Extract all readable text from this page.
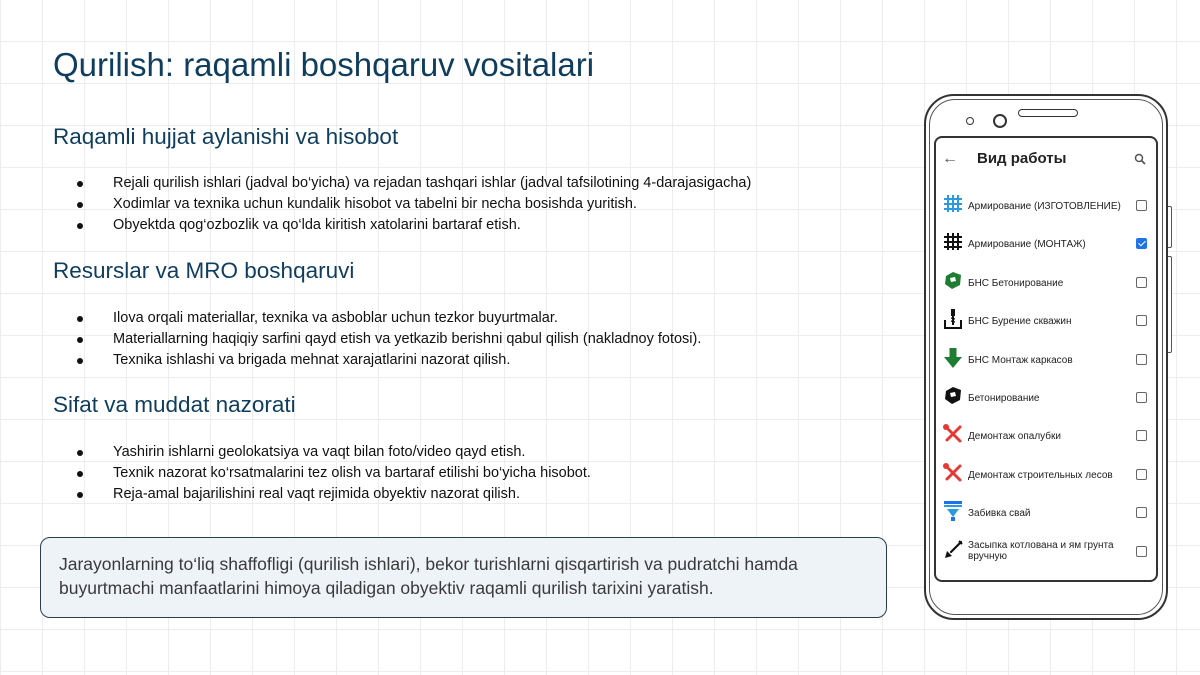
Qurilish: raqamli boshqaruv vositalari
Raqamli hujjat aylanishi va hisobot
Rejali qurilish ishlari (jadval bo‘yicha) va rejadan tashqari ishlar (jadval tafsilotining 4-darajasigacha)
Xodimlar va texnika uchun kundalik hisobot va tabelni bir necha bosishda yuritish.
Obyektda qog‘ozbozlik va qo‘lda kiritish xatolarini bartaraf etish.
Resurslar va MRO boshqaruvi
Ilova orqali materiallar, texnika va asboblar uchun tezkor buyurtmalar.
Materiallarning haqiqiy sarfini qayd etish va yetkazib berishni qabul qilish (nakladnoy fotosi).
Texnika ishlashi va brigada mehnat xarajatlarini nazorat qilish.
Sifat va muddat nazorati
Yashirin ishlarni geolokatsiya va vaqt bilan foto/video qayd etish.
Texnik nazorat ko‘rsatmalarini tez olish va bartaraf etilishi bo‘yicha hisobot.
Reja-amal bajarilishini real vaqt rejimida obyektiv nazorat qilish.
Jarayonlarning to‘liq shaffofligi (qurilish ishlari), bekor turishlarni qisqartirish va pudratchi hamda buyurtmachi manfaatlarini himoya qiladigan obyektiv raqamli qurilish tarixini yaratish.
← Вид работы
Армирование (ИЗГОТОВЛЕНИЕ)
Армирование (МОНТАЖ)
БНС Бетонирование
БНС Бурение скважин
БНС Монтаж каркасов
Бетонирование
Демонтаж опалубки
Демонтаж строительных лесов
Забивка свай
Засыпка котлована и ям грунта вручную
